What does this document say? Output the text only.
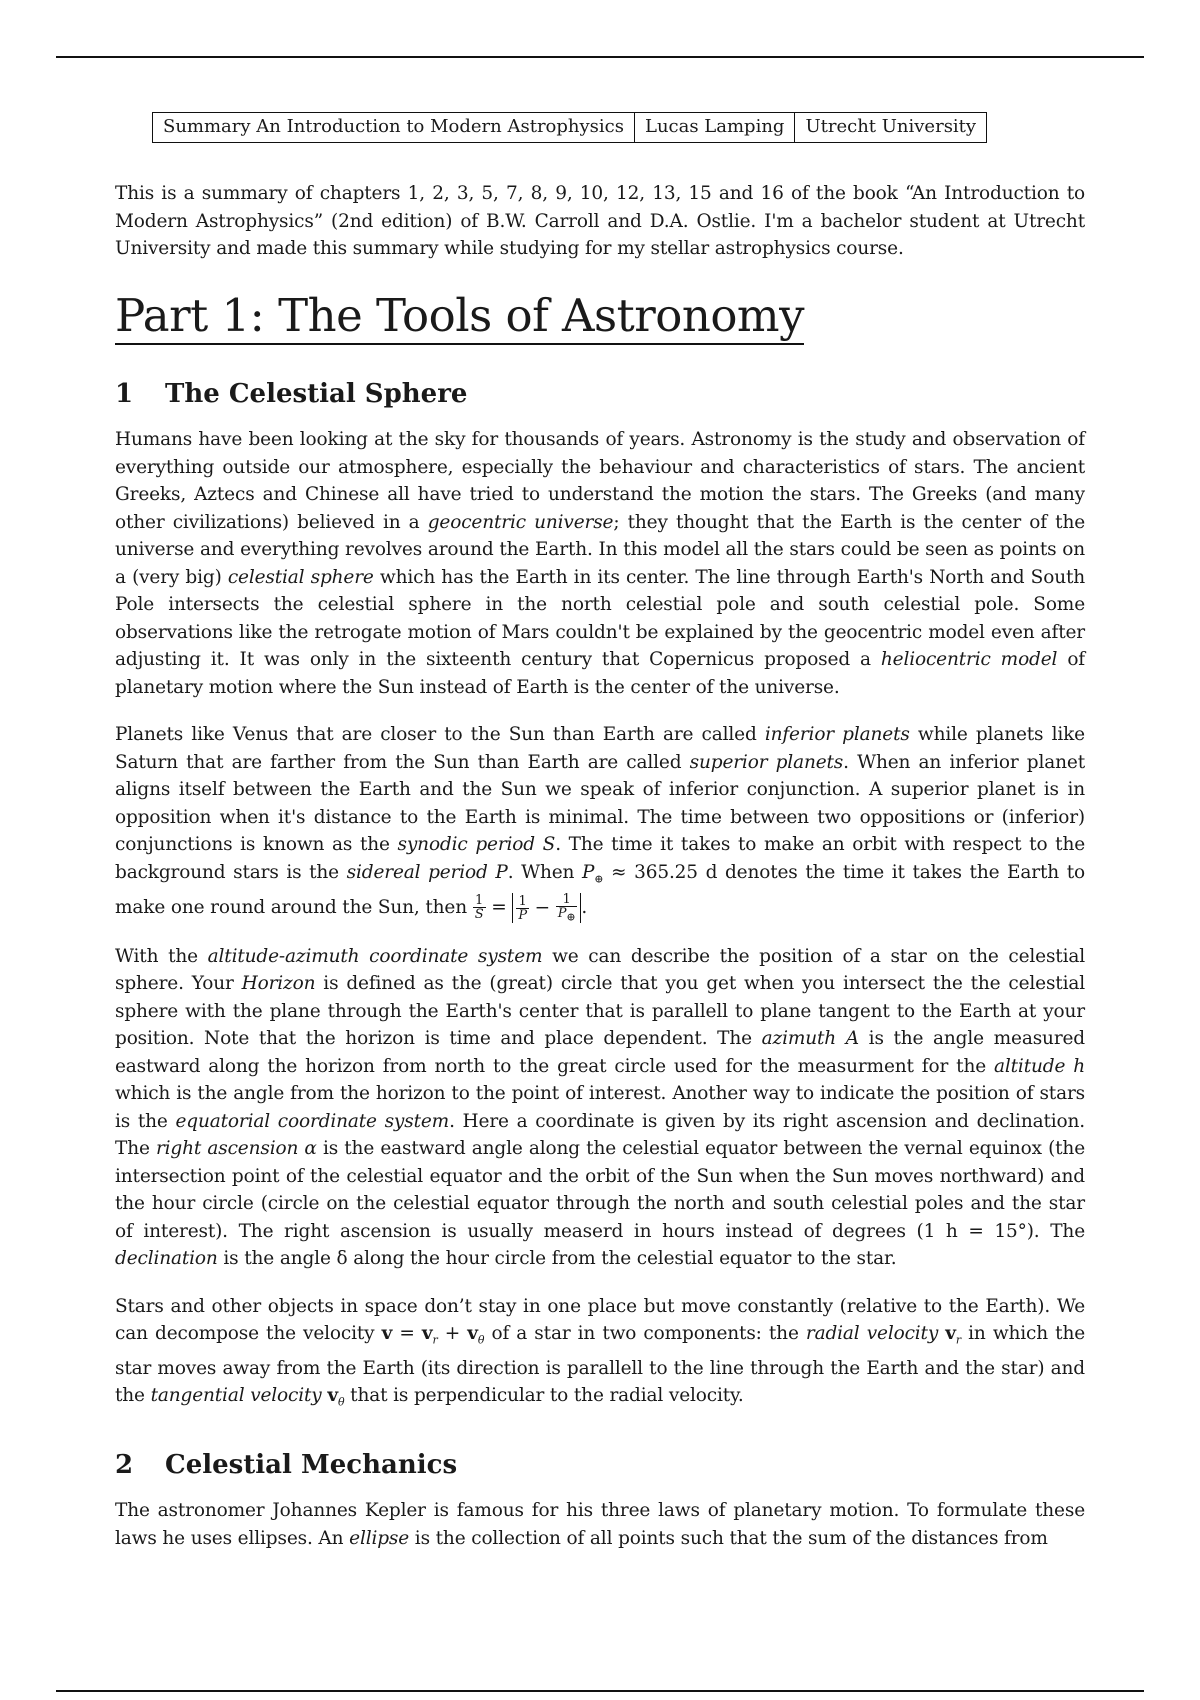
Summary An Introduction to Modern Astrophysics	Lucas Lamping	Utrecht University

This is a summary of chapters 1, 2, 3, 5, 7, 8, 9, 10, 12, 13, 15 and 16 of the book “An Introduction to Modern Astrophysics” (2nd edition) of B.W. Carroll and D.A. Ostlie. I'm a bachelor student at Utrecht University and made this summary while studying for my stellar astrophysics course.

Part 1: The Tools of Astronomy
1 The Celestial Sphere

Humans have been looking at the sky for thousands of years. Astronomy is the study and observation of everything outside our atmosphere, especially the behaviour and characteristics of stars. The ancient Greeks, Aztecs and Chinese all have tried to understand the motion the stars. The Greeks (and many other civilizations) believed in a geocentric universe; they thought that the Earth is the center of the universe and everything revolves around the Earth. In this model all the stars could be seen as points on a (very big) celestial sphere which has the Earth in its center. The line through Earth's North and South Pole intersects the celestial sphere in the north celestial pole and south celestial pole. Some observations like the retrogate motion of Mars couldn't be explained by the geocentric model even after adjusting it. It was only in the sixteenth century that Copernicus proposed a heliocentric model of planetary motion where the Sun instead of Earth is the center of the universe.

Planets like Venus that are closer to the Sun than Earth are called inferior planets while planets like Saturn that are farther from the Sun than Earth are called superior planets. When an inferior planet aligns itself between the Earth and the Sun we speak of inferior conjunction. A superior planet is in opposition when it's distance to the Earth is minimal. The time between two oppositions or (inferior) conjunctions is known as the synodic period S. The time it takes to make an orbit with respect to the background stars is the sidereal period P. When $P_\oplus \approx 365.25$ d denotes the time it takes the Earth to make one round around the Sun, then $\frac{1}{S} = \frac{1}{P} - \frac{1}{P_\oplus}$ .

With the altitude-azimuth coordinate system we can describe the position of a star on the celestial sphere. Your Horizon is defined as the (great) circle that you get when you intersect the the celestial sphere with the plane through the Earth's center that is parallell to plane tangent to the Earth at your position. Note that the horizon is time and place dependent. The azimuth A is the angle measured eastward along the horizon from north to the great circle used for the measurment for the altitude h which is the angle from the horizon to the point of interest. Another way to indicate the position of stars is the equatorial coordinate system. Here a coordinate is given by its right ascension and declination. The right ascension α is the eastward angle along the celestial equator between the vernal equinox (the intersection point of the celestial equator and the orbit of the Sun when the Sun moves northward) and the hour circle (circle on the celestial equator through the north and south celestial poles and the star of interest). The right ascension is usually measerd in hours instead of degrees (1 h = 15°). The declination is the angle δ along the hour circle from the celestial equator to the star.

Stars and other objects in space don’t stay in one place but move constantly (relative to the Earth). We can decompose the velocity $v = v_r + v_\theta$ of a star in two components: the radial velocity $v_r$ in which the star moves away from the Earth (its direction is parallell to the line through the Earth and the star) and the tangential velocity $v_\theta$ that is perpendicular to the radial velocity.

2 Celestial Mechanics

The astronomer Johannes Kepler is famous for his three laws of planetary motion. To formulate these laws he uses ellipses. An ellipse is the collection of all points such that the sum of the distances from
